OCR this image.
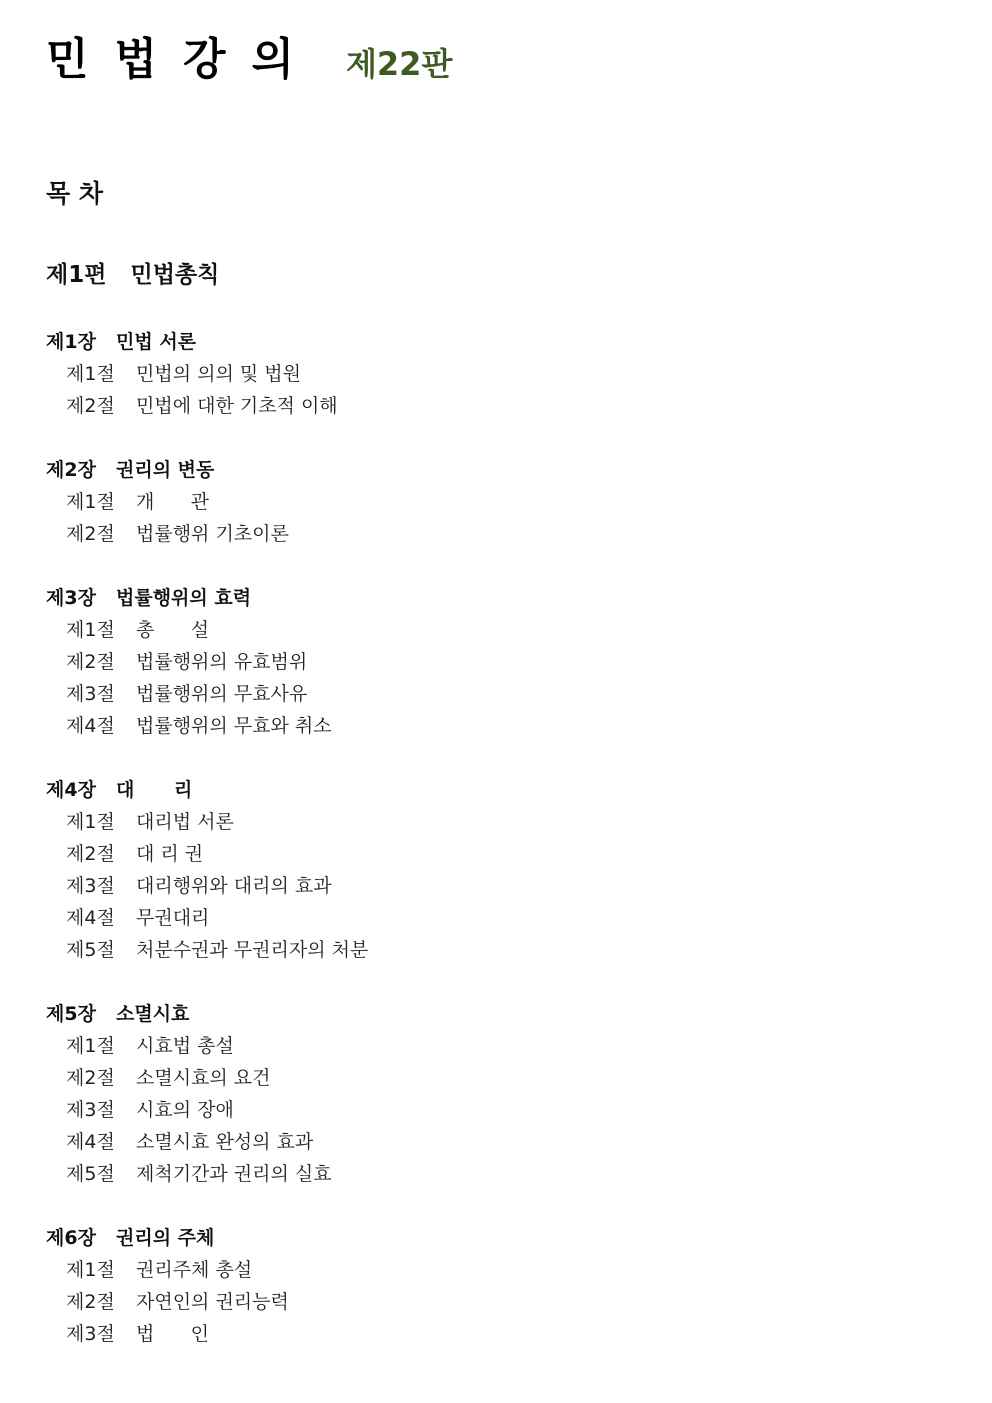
민법강의 제22판
목 차
제1편 민법총칙
제1장 민법 서론
제1절 민법의 의의 및 법원
제2절 민법에 대한 기초적 이해
제2장 권리의 변동
제1절 개      관
제2절 법률행위 기초이론
제3장 법률행위의 효력
제1절 총      설
제2절 법률행위의 유효범위
제3절 법률행위의 무효사유
제4절 법률행위의 무효와 취소
제4장 대      리
제1절 대리법 서론
제2절 대 리 권
제3절 대리행위와 대리의 효과
제4절 무권대리
제5절 처분수권과 무권리자의 처분
제5장 소멸시효
제1절 시효법 총설
제2절 소멸시효의 요건
제3절 시효의 장애
제4절 소멸시효 완성의 효과
제5절 제척기간과 권리의 실효
제6장 권리의 주체
제1절 권리주체 총설
제2절 자연인의 권리능력
제3절 법      인
